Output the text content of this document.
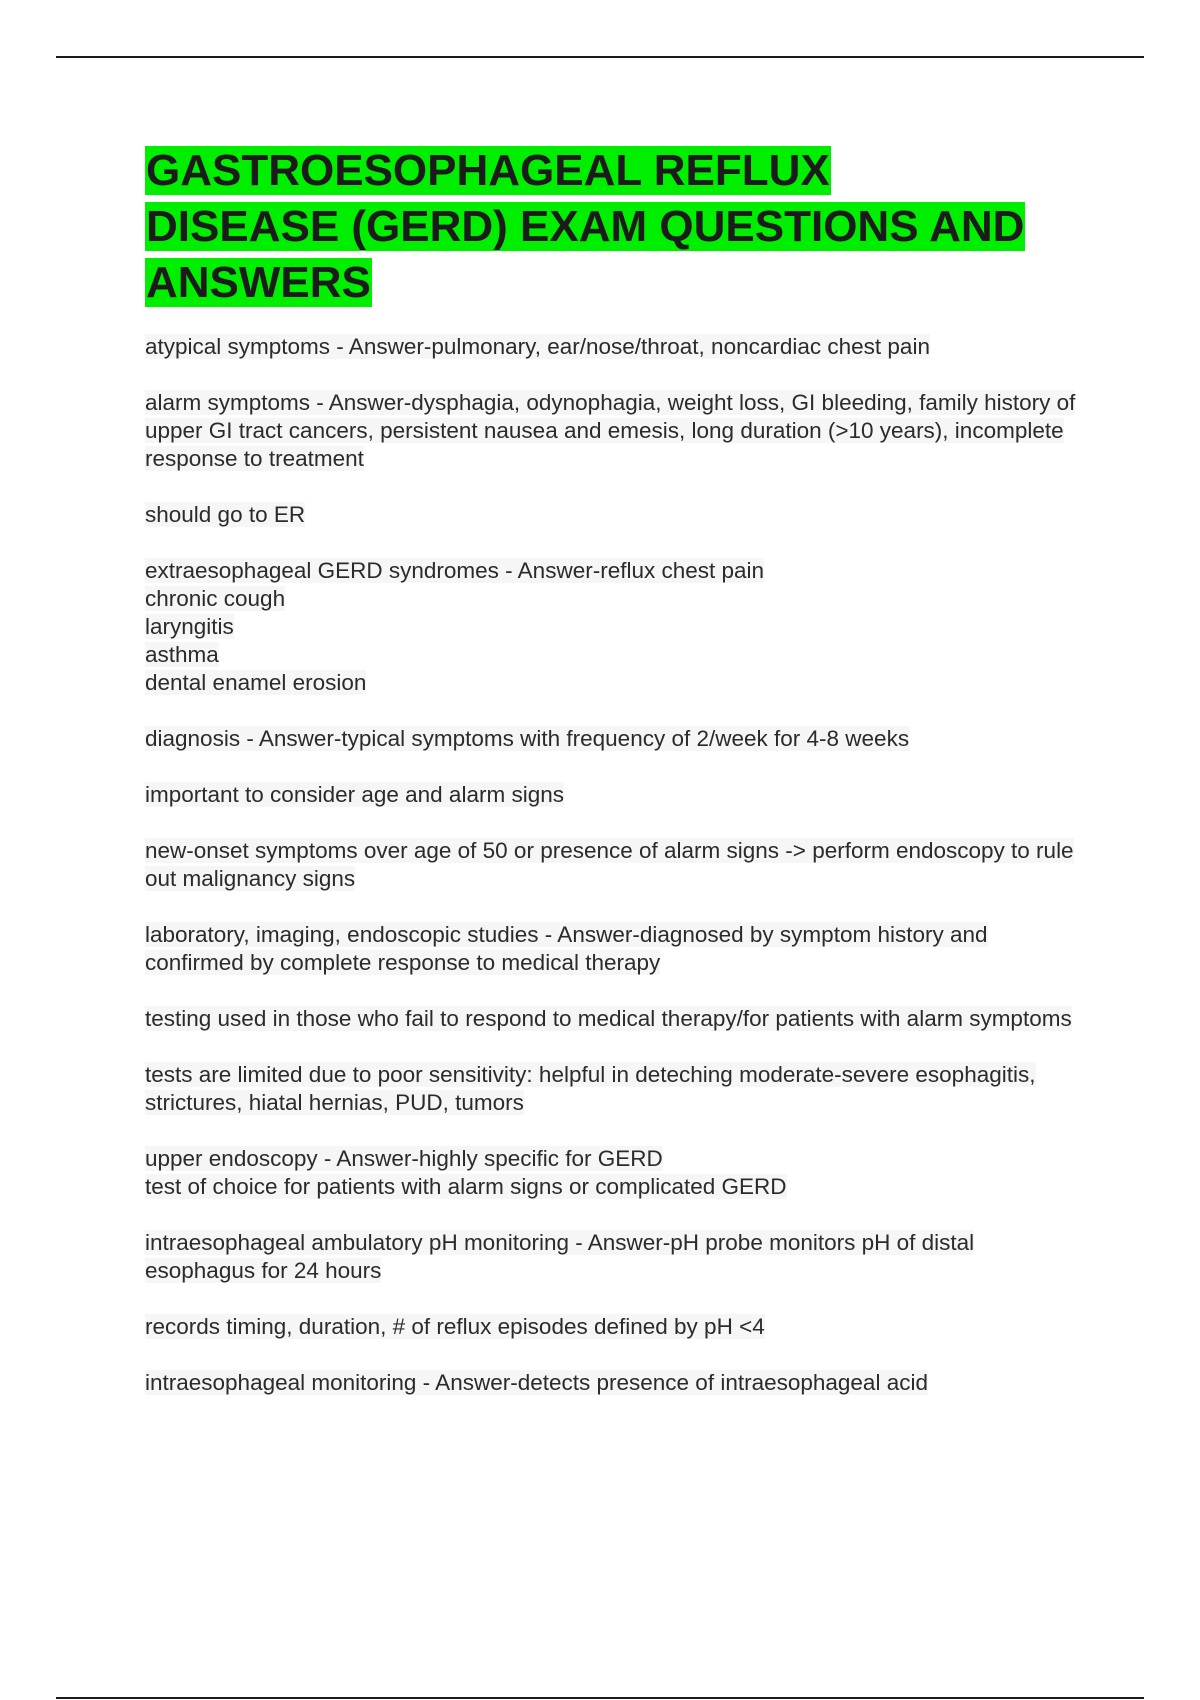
GASTROESOPHAGEAL REFLUX DISEASE (GERD) EXAM QUESTIONS AND ANSWERS

atypical symptoms - Answer-pulmonary, ear/nose/throat, noncardiac chest pain

alarm symptoms - Answer-dysphagia, odynophagia, weight loss, GI bleeding, family history of upper GI tract cancers, persistent nausea and emesis, long duration (>10 years), incomplete response to treatment

should go to ER

extraesophageal GERD syndromes - Answer-reflux chest pain
chronic cough
laryngitis
asthma
dental enamel erosion

diagnosis - Answer-typical symptoms with frequency of 2/week for 4-8 weeks

important to consider age and alarm signs

new-onset symptoms over age of 50 or presence of alarm signs -> perform endoscopy to rule out malignancy signs

laboratory, imaging, endoscopic studies - Answer-diagnosed by symptom history and confirmed by complete response to medical therapy

testing used in those who fail to respond to medical therapy/for patients with alarm symptoms

tests are limited due to poor sensitivity: helpful in deteching moderate-severe esophagitis, strictures, hiatal hernias, PUD, tumors

upper endoscopy - Answer-highly specific for GERD
test of choice for patients with alarm signs or complicated GERD

intraesophageal ambulatory pH monitoring - Answer-pH probe monitors pH of distal esophagus for 24 hours

records timing, duration, # of reflux episodes defined by pH <4

intraesophageal monitoring - Answer-detects presence of intraesophageal acid
